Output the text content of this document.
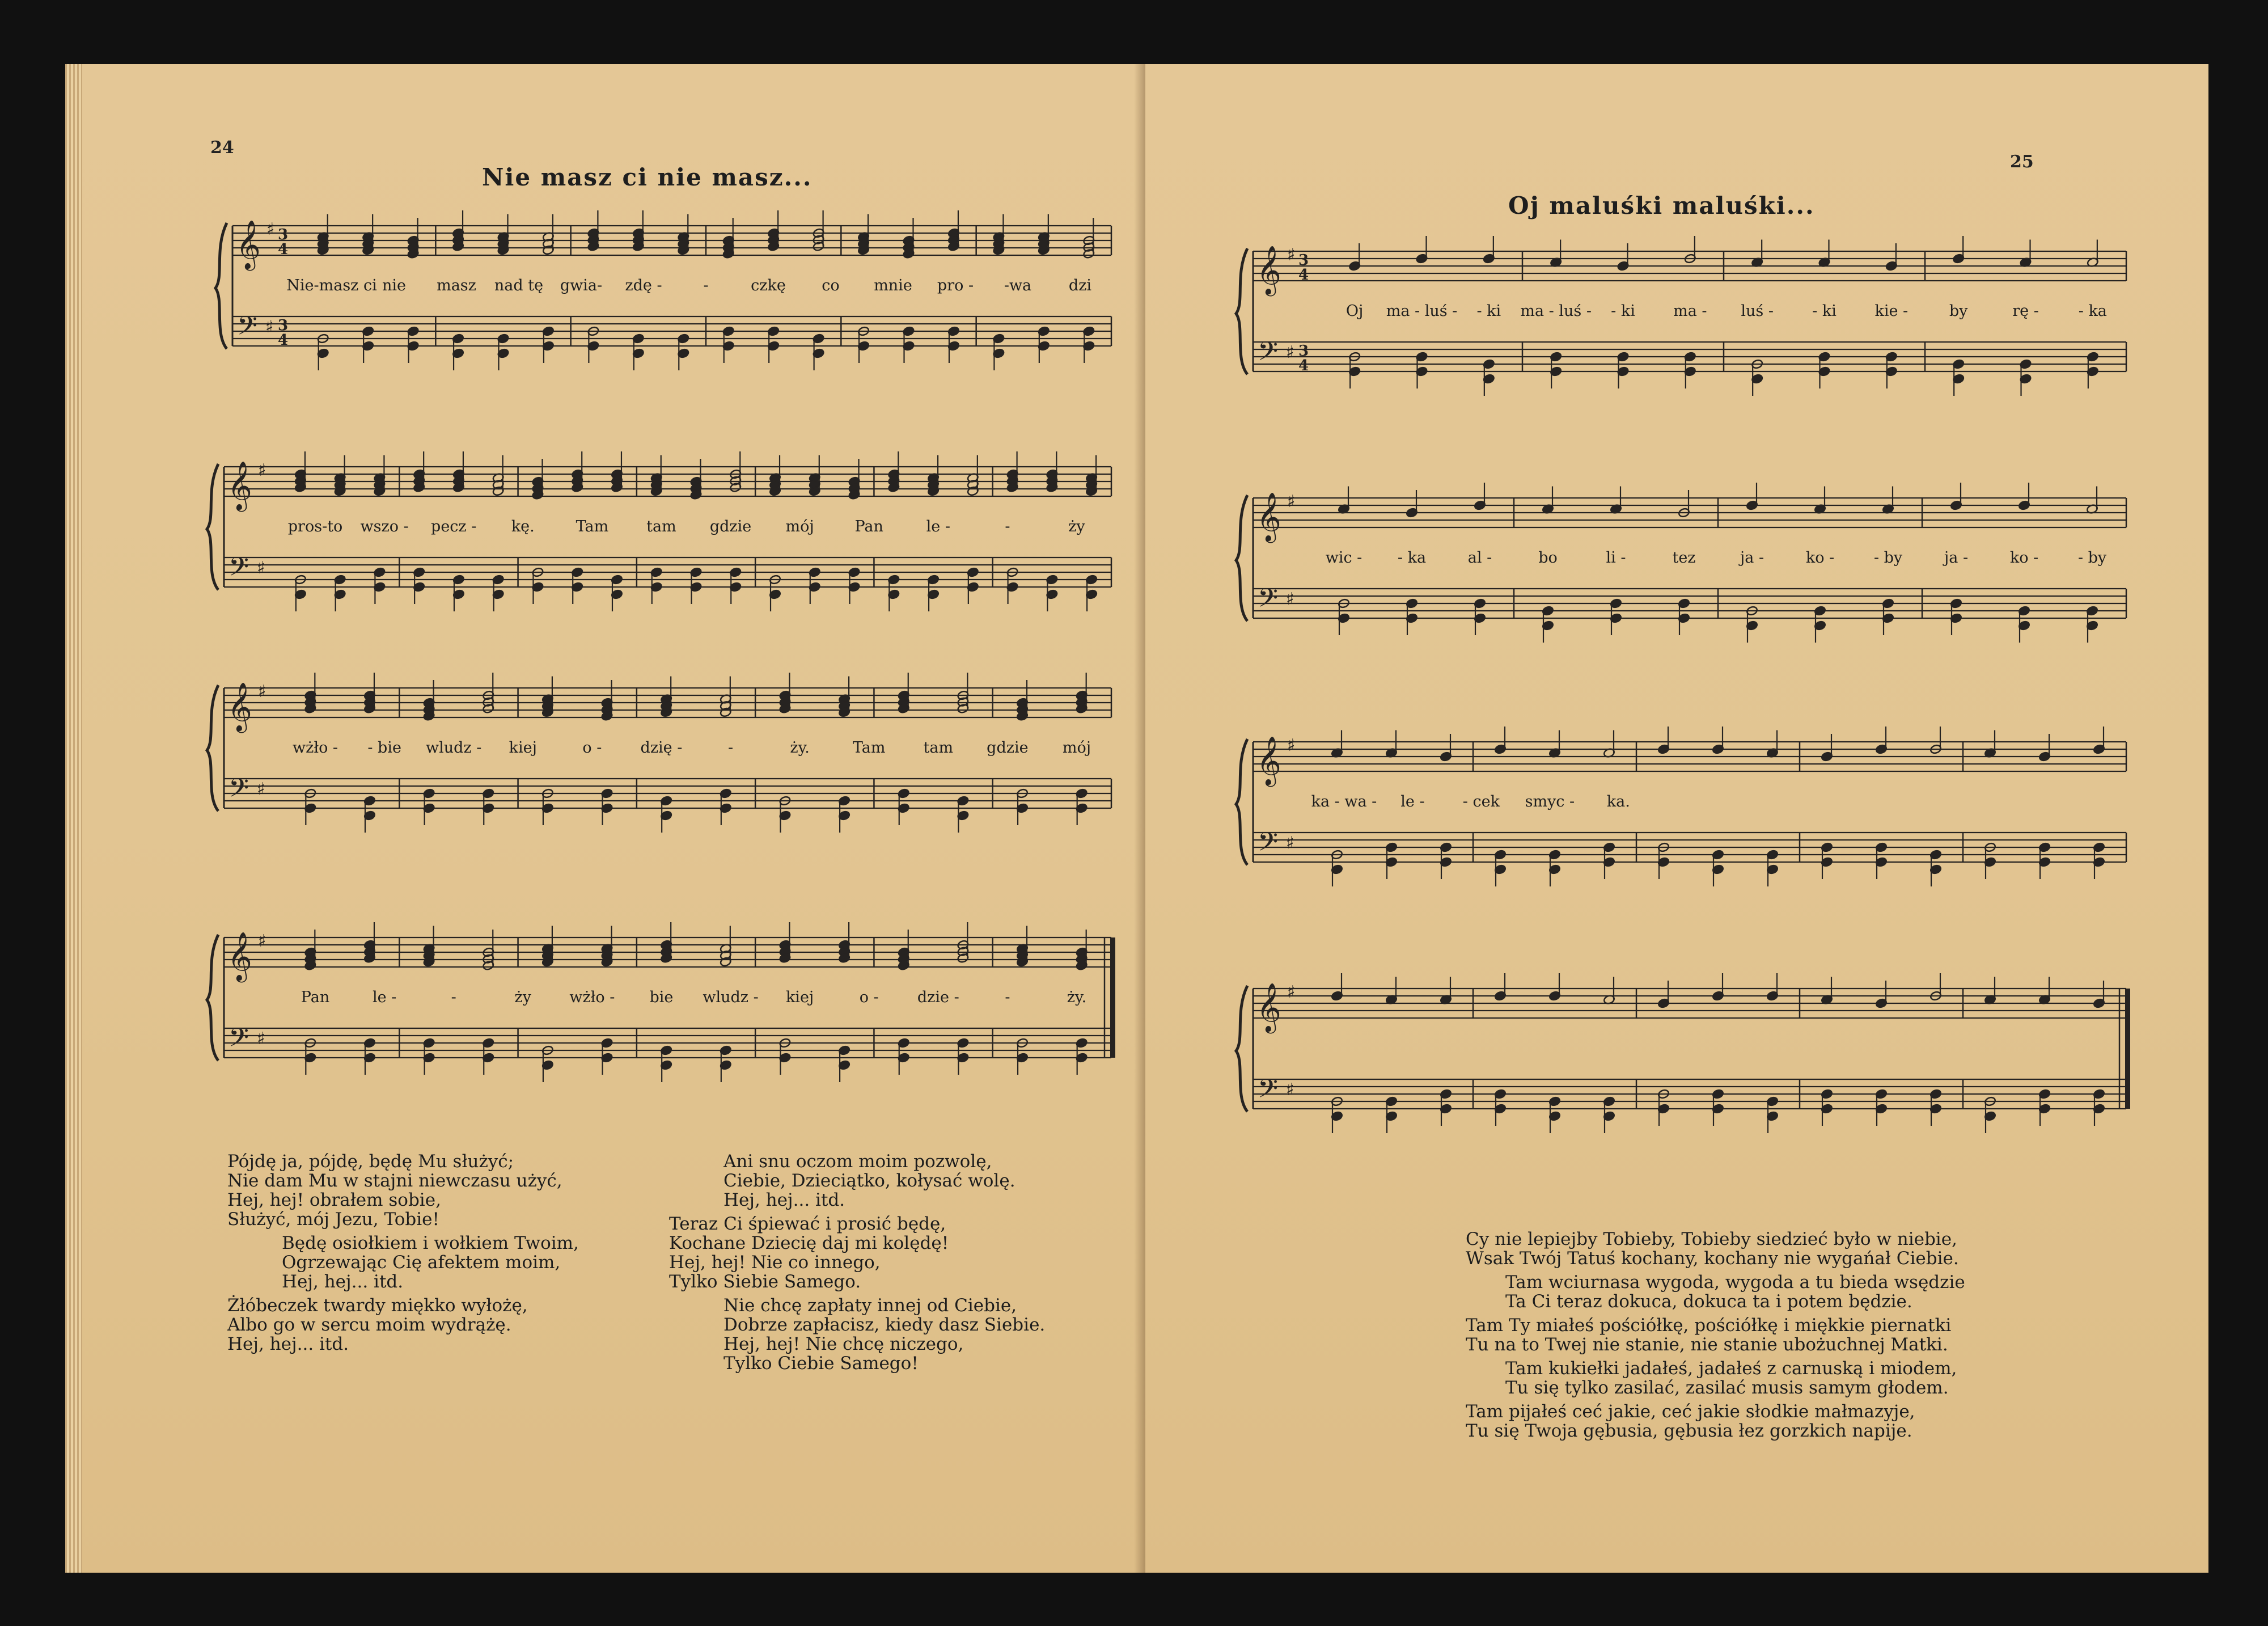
24
Nie masz ci nie masz...
𝄞
𝄢
♯
♯
3
4
3
4
Nie-masz ci nie masz nad tę gwia- zdę -	-	czkę co mnie pro - -wa dzi
𝄞
𝄢
♯
♯
pros-to wszo - pecz - kę.	Tam tam gdzie mój	Pan	le -	-	ży
𝄞
𝄢
♯
♯
wżło - - bie wludz - kiej	o -	dzię -	-	ży.	Tam tam gdzie mój
𝄞
𝄢
♯
♯
Pan	le -	-	ży wżło - bie wludz - kiej	o -	dzie -	-	ży.
Pójdę ja, pójdę, będę Mu służyć;
Nie dam Mu w stajni niewczasu użyć,
Hej, hej! obrałem sobie,
Służyć, mój Jezu, Tobie!
Będę osiołkiem i wołkiem Twoim,
Ogrzewając Cię afektem moim,
Hej, hej... itd.
Żłóbeczek twardy miękko wyłożę,
Albo go w sercu moim wydrążę.
Hej, hej... itd.
Ani snu oczom moim pozwolę,
Ciebie, Dzieciątko, kołysać wolę.
Hej, hej... itd.
Teraz Ci śpiewać i prosić będę,
Kochane Dziecię daj mi kolędę!
Hej, hej! Nie co innego,
Tylko Siebie Samego.
Nie chcę zapłaty innej od Ciebie,
Dobrze zapłacisz, kiedy dasz Siebie.
Hej, hej! Nie chcę niczego,
Tylko Ciebie Samego!
25
Oj maluśki maluśki...
𝄞
𝄢
♯
♯
3
4
3
4
Oj ma - luś - - ki ma - luś - - ki ma - luś -	- ki	kie -	by	rę -	- ka
𝄞
𝄢
♯
♯
wic - - ka	al -	bo	li -	tez	ja -	ko -	- by	ja -	ko -	- by
𝄞
𝄢
♯
♯
ka - wa - le - - cek smyc - ka.
𝄞
𝄢
♯
♯
Cy nie lepiejby Tobieby, Tobieby siedzieć było w niebie,
Wsak Twój Tatuś kochany, kochany nie wygańał Ciebie.
Tam wciurnasa wygoda, wygoda a tu bieda wsędzie
Ta Ci teraz dokuca, dokuca ta i potem będzie.
Tam Ty miałeś pościółkę, pościółkę i miękkie piernatki
Tu na to Twej nie stanie, nie stanie ubożuchnej Matki.
Tam kukiełki jadałeś, jadałeś z carnuską i miodem,
Tu się tylko zasilać, zasilać musis samym głodem.
Tam pijałeś ceć jakie, ceć jakie słodkie małmazyje,
Tu się Twoja gębusia, gębusia łez gorzkich napije.
